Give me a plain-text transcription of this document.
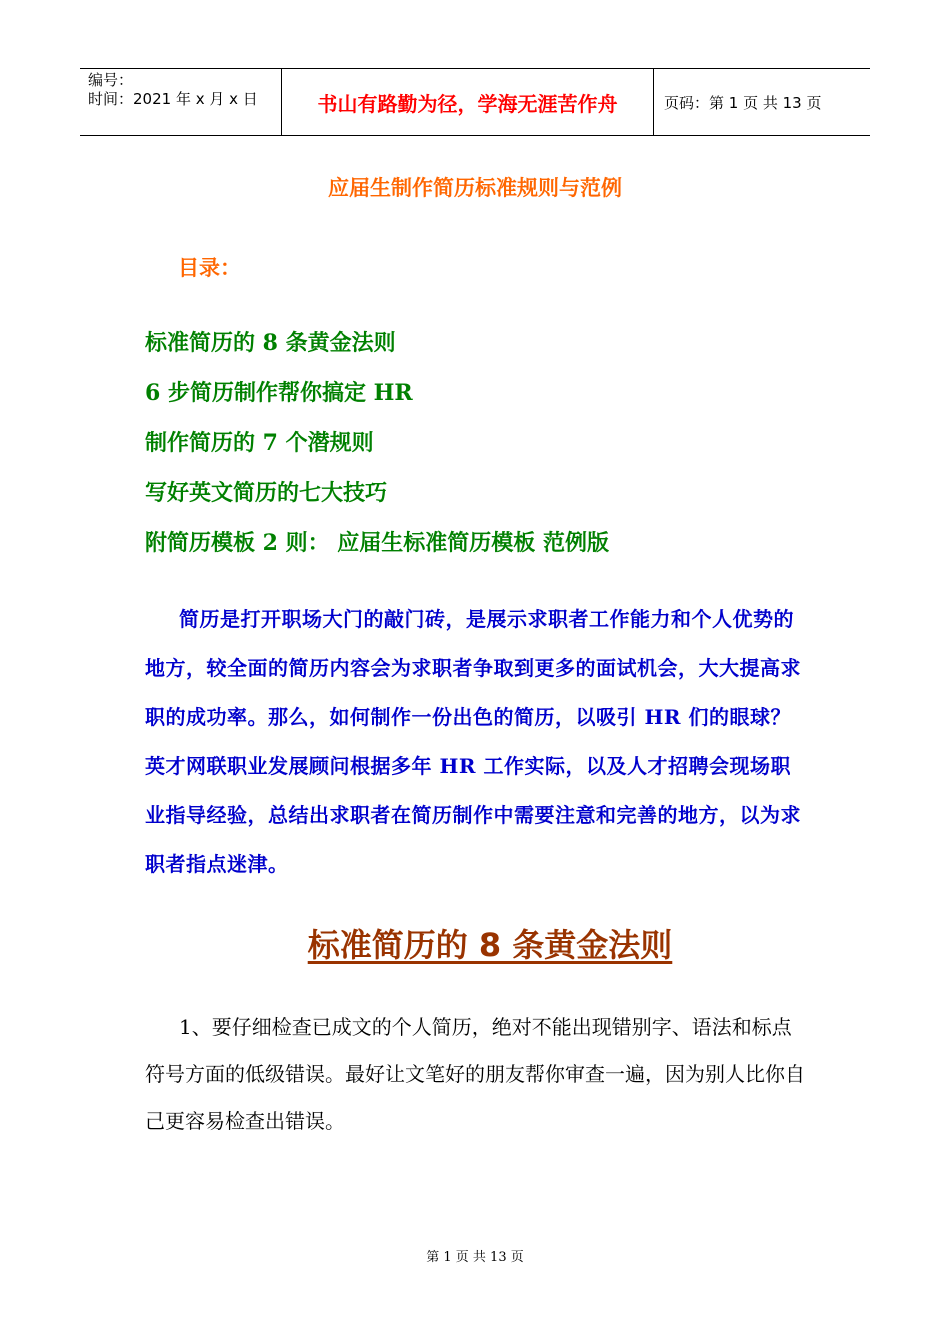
编号：
时间：2021 年 x 月 x 日	书山有路勤为径，学海无涯苦作舟	页码：第 1 页 共 13 页
应届生制作简历标准规则与范例
目录：
标准简历的 8 条黄金法则
6 步简历制作帮你搞定 HR
制作简历的 7 个潜规则
写好英文简历的七大技巧
附简历模板 2 则： 应届生标准简历模板 范例版

简历是打开职场大门的敲门砖，是展示求职者工作能力和个人优势的地方，较全面的简历内容会为求职者争取到更多的面试机会，大大提高求职的成功率。那么，如何制作一份出色的简历，以吸引 HR 们的眼球？英才网联职业发展顾问根据多年 HR 工作实际，以及人才招聘会现场职业指导经验，总结出求职者在简历制作中需要注意和完善的地方，以为求职者指点迷津。

标准简历的 8 条黄金法则

1、要仔细检查已成文的个人简历，绝对不能出现错别字、语法和标点符号方面的低级错误。最好让文笔好的朋友帮你审查一遍，因为别人比你自己更容易检查出错误。

第 1 页 共 13 页
